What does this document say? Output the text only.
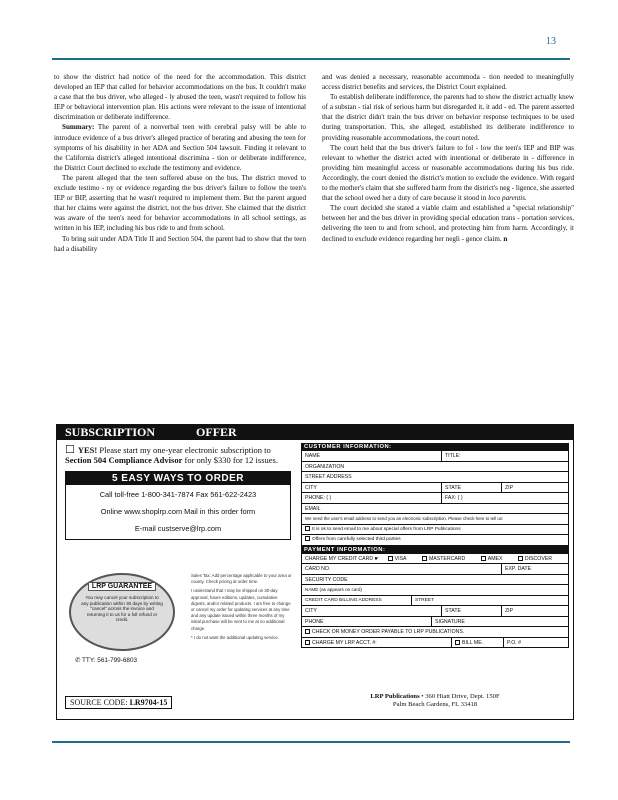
13

to show the district had notice of the need for the accommodation. This district developed an IEP that called for behavior accommodations on the bus. It couldn't make a case that the bus driver, who alleged - ly abused the teen, wasn't required to follow his IEP or behavioral intervention plan. His actions were relevant to the issue of intentional discrimination or deliberate indifference.

Summary: The parent of a nonverbal teen with cerebral palsy will be able to introduce evidence of a bus driver's alleged practice of berating and abusing the teen for symptoms of his disability in her ADA and Section 504 lawsuit. Finding it relevant to the California district's alleged intentional discrimina - tion or deliberate indifference, the District Court declined to exclude the testimony and evidence.

The parent alleged that the teen suffered abuse on the bus. The district moved to exclude testimo - ny or evidence regarding the bus driver's failure to follow the teen's IEP or BIP, asserting that he wasn't required to implement them. But the parent argued that her claims were against the district, not the bus driver. She claimed that the district was aware of the teen's need for behavior accommodations in all school settings, as written in his IEP, including his bus ride to and from school.

To bring suit under ADA Title II and Section 504, the parent had to show that the teen had a disability

and was denied a necessary, reasonable accommoda - tion needed to meaningfully access district benefits and services, the District Court explained.

To establish deliberate indifference, the parents had to show the district actually knew of a substan - tial risk of serious harm but disregarded it, it add - ed. The parent asserted that the district didn't train the bus driver on behavior response techniques to be used during transportation. This, she alleged, established its deliberate indifference to providing reasonable accommodations, the court noted.

The court held that the bus driver's failure to fol - low the teen's IEP and BIP was relevant to whether the district acted with intentional or deliberate in - difference in providing him meaningful access or reasonable accommodations during his bus ride. Accordingly, the court denied the district's motion to exclude the evidence. With regard to the mother's claim that she suffered harm from the district's neg - ligence, she asserted that the school owed her a duty of care because it stood in loco parentis.

The court decided she stated a viable claim and established a "special relationship" between her and the bus driver in providing special education trans - portation services, delivering the teen to and from school, and protecting him from harm. Accordingly, it declined to exclude evidence regarding her negli - gence claim. n

SUBSCRIPTION	OFFER
☐ YES! Please start my one-year electronic subscription to Section 504 Compliance Advisor for only $330 for 12 issues.
5 EASY WAYS TO ORDER
Call toll-free 1-800-341-7874 Fax 561-622-2423
Online www.shoplrp.com Mail in this order form
E-mail custserve@lrp.com
LRP GUARANTEE
You may cancel your subscription to any publication within 30 days by writing "cancel" across the invoice and returning it to us for a full refund or credit.
✆ TTY: 561-799-6803

Sales Tax: Add percentage applicable to your area or county. Check pricing at order time.

I understand that I may be shipped on 30-day approval, future editions, updates, cumulative digests, and/or related products. I am free to change or cancel my order for updating services at any time and any update issued within three months of my initial purchase will be sent to me at no additional charge.

* I do not want the additional updating service.

SOURCE CODE: LR9704-15
CUSTOMER INFORMATION:
NAME	TITLE:
ORGANIZATION
STREET ADDRESS
CITY	STATE	ZIP
PHONE: ( )	FAX: ( )
EMAIL
We need the user's email address to send you an electronic subscription. Please check here to tell us:
It is ok to send email to me about special offers from LRP Publications
Offers from carefully selected third parties
PAYMENT INFORMATION:
CHARGE MY CREDIT CARD ☛	VISA	MASTERCARD	AMEX	DISCOVER
CARD NO.	EXP. DATE
SECURITY CODE
NAME (as appears on card)
CREDIT CARD BILLING ADDRESS	STREET
CITY	STATE	ZIP
PHONE	SIGNATURE
CHECK OR MONEY ORDER PAYABLE TO LRP PUBLICATIONS.
CHARGE MY LRP ACCT. #:	BILL ME.	P.O. #
LRP Publications • 360 Hiatt Drive, Dept. 150F
Palm Beach Gardens, FL 33418
